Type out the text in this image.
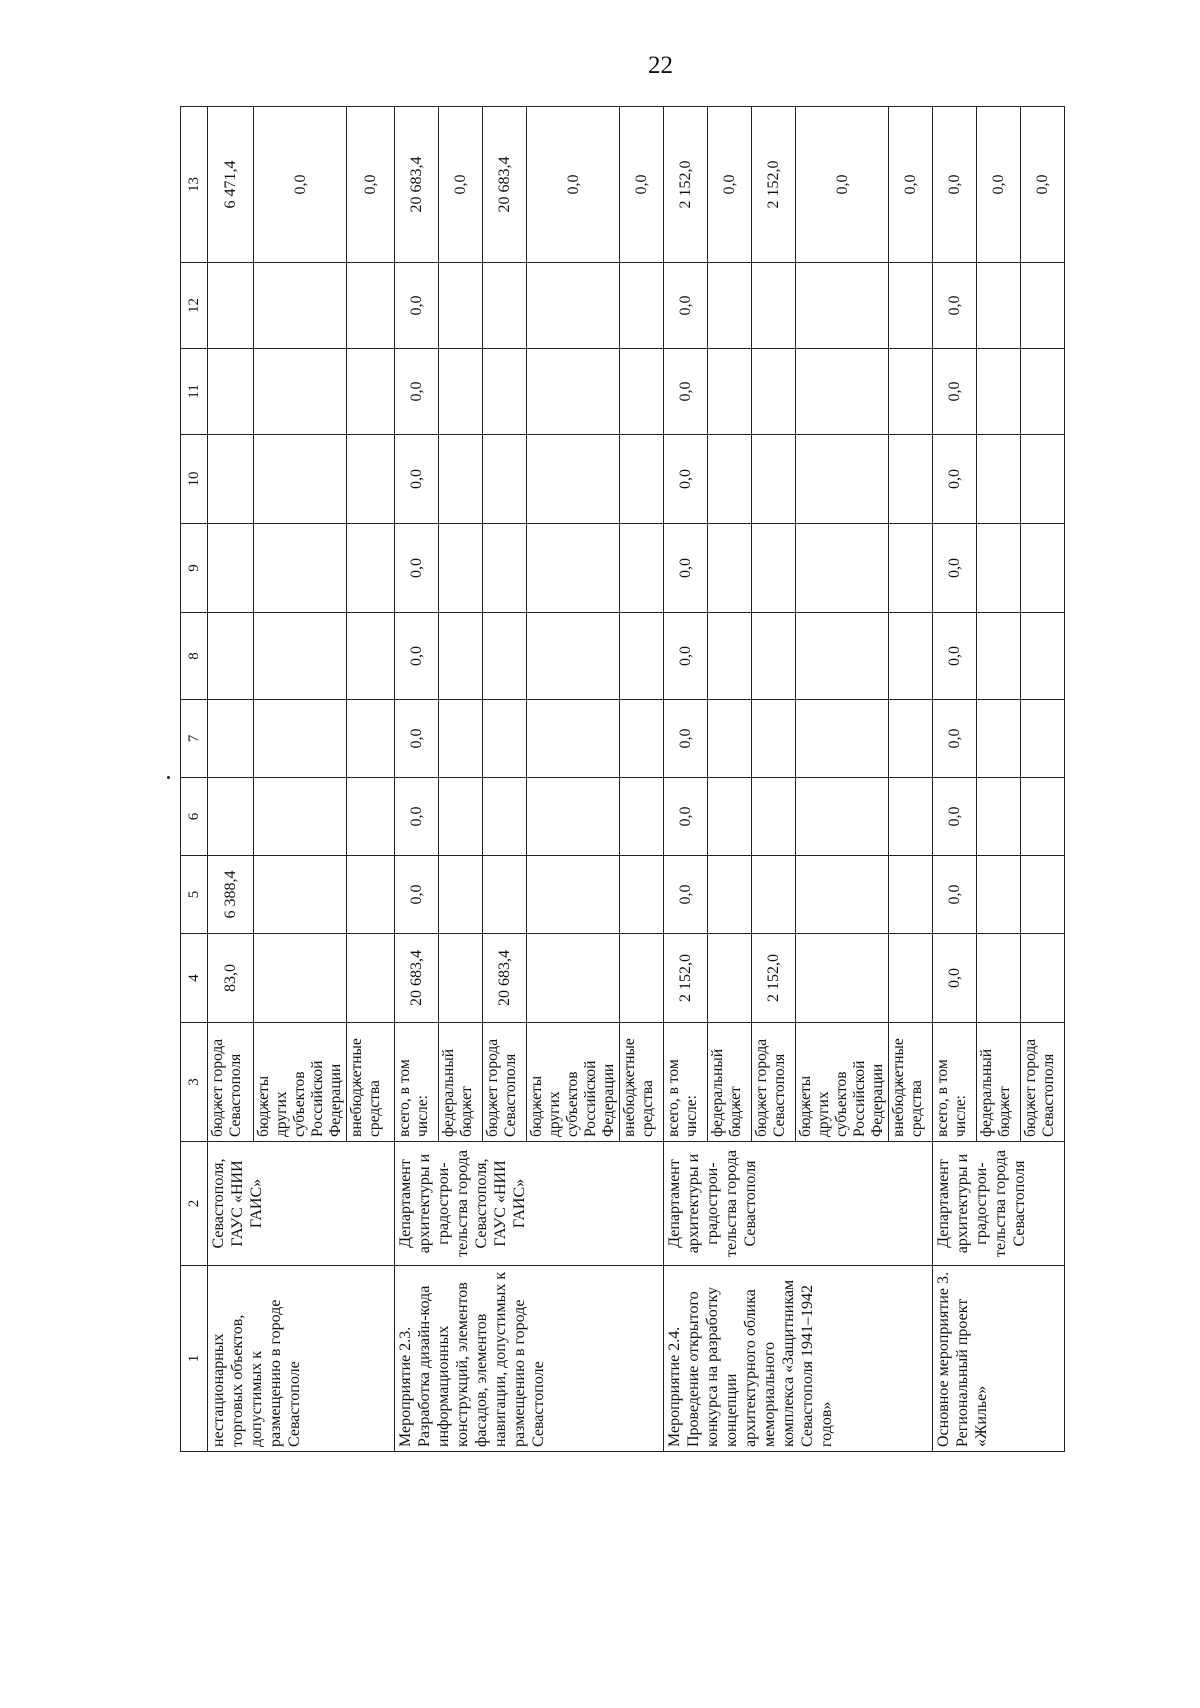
22
1	2	3	4	5	6	7	8	9	10	11	12	13
нестационарных торговых объектов, допустимых к размещению в городе Севастополе	Севастополя, ГАУС «НИИ ГАИС»	бюджет города Севастополя	83,0	6 388,4								6 471,4
		бюджеты других субъектов Российской Федерации										0,0
		внебюджетные средства										0,0
Мероприятие 2.3. Разработка дизайн-кода информационных конструкций, элементов фасадов, элементов навигации, допустимых к размещению в городе Севастополе	Департамент архитектуры и градострои-тельства города Севастополя, ГАУС «НИИ ГАИС»	всего, в том числе:	20 683,4	0,0	0,0	0,0	0,0	0,0	0,0	0,0	0,0	20 683,4
		федеральный бюджет										0,0
		бюджет города Севастополя	20 683,4									20 683,4
		бюджеты других субъектов Российской Федерации										0,0
		внебюджетные средства										0,0
Мероприятие 2.4. Проведение открытого конкурса на разработку концепции архитектурного облика мемориального комплекса «Защитникам Севастополя 1941–1942 годов»	Департамент архитектуры и градострои-тельства города Севастополя	всего, в том числе:	2 152,0	0,0	0,0	0,0	0,0	0,0	0,0	0,0	0,0	2 152,0
		федеральный бюджет										0,0
		бюджет города Севастополя	2 152,0									2 152,0
		бюджеты других субъектов Российской Федерации										0,0
		внебюджетные средства										0,0
Основное мероприятие 3. Региональный проект «Жилье»	Департамент архитектуры и градострои-тельства города Севастополя	всего, в том числе:	0,0	0,0	0,0	0,0	0,0	0,0	0,0	0,0	0,0	0,0
		федеральный бюджет										0,0
		бюджет города Севастополя										0,0
